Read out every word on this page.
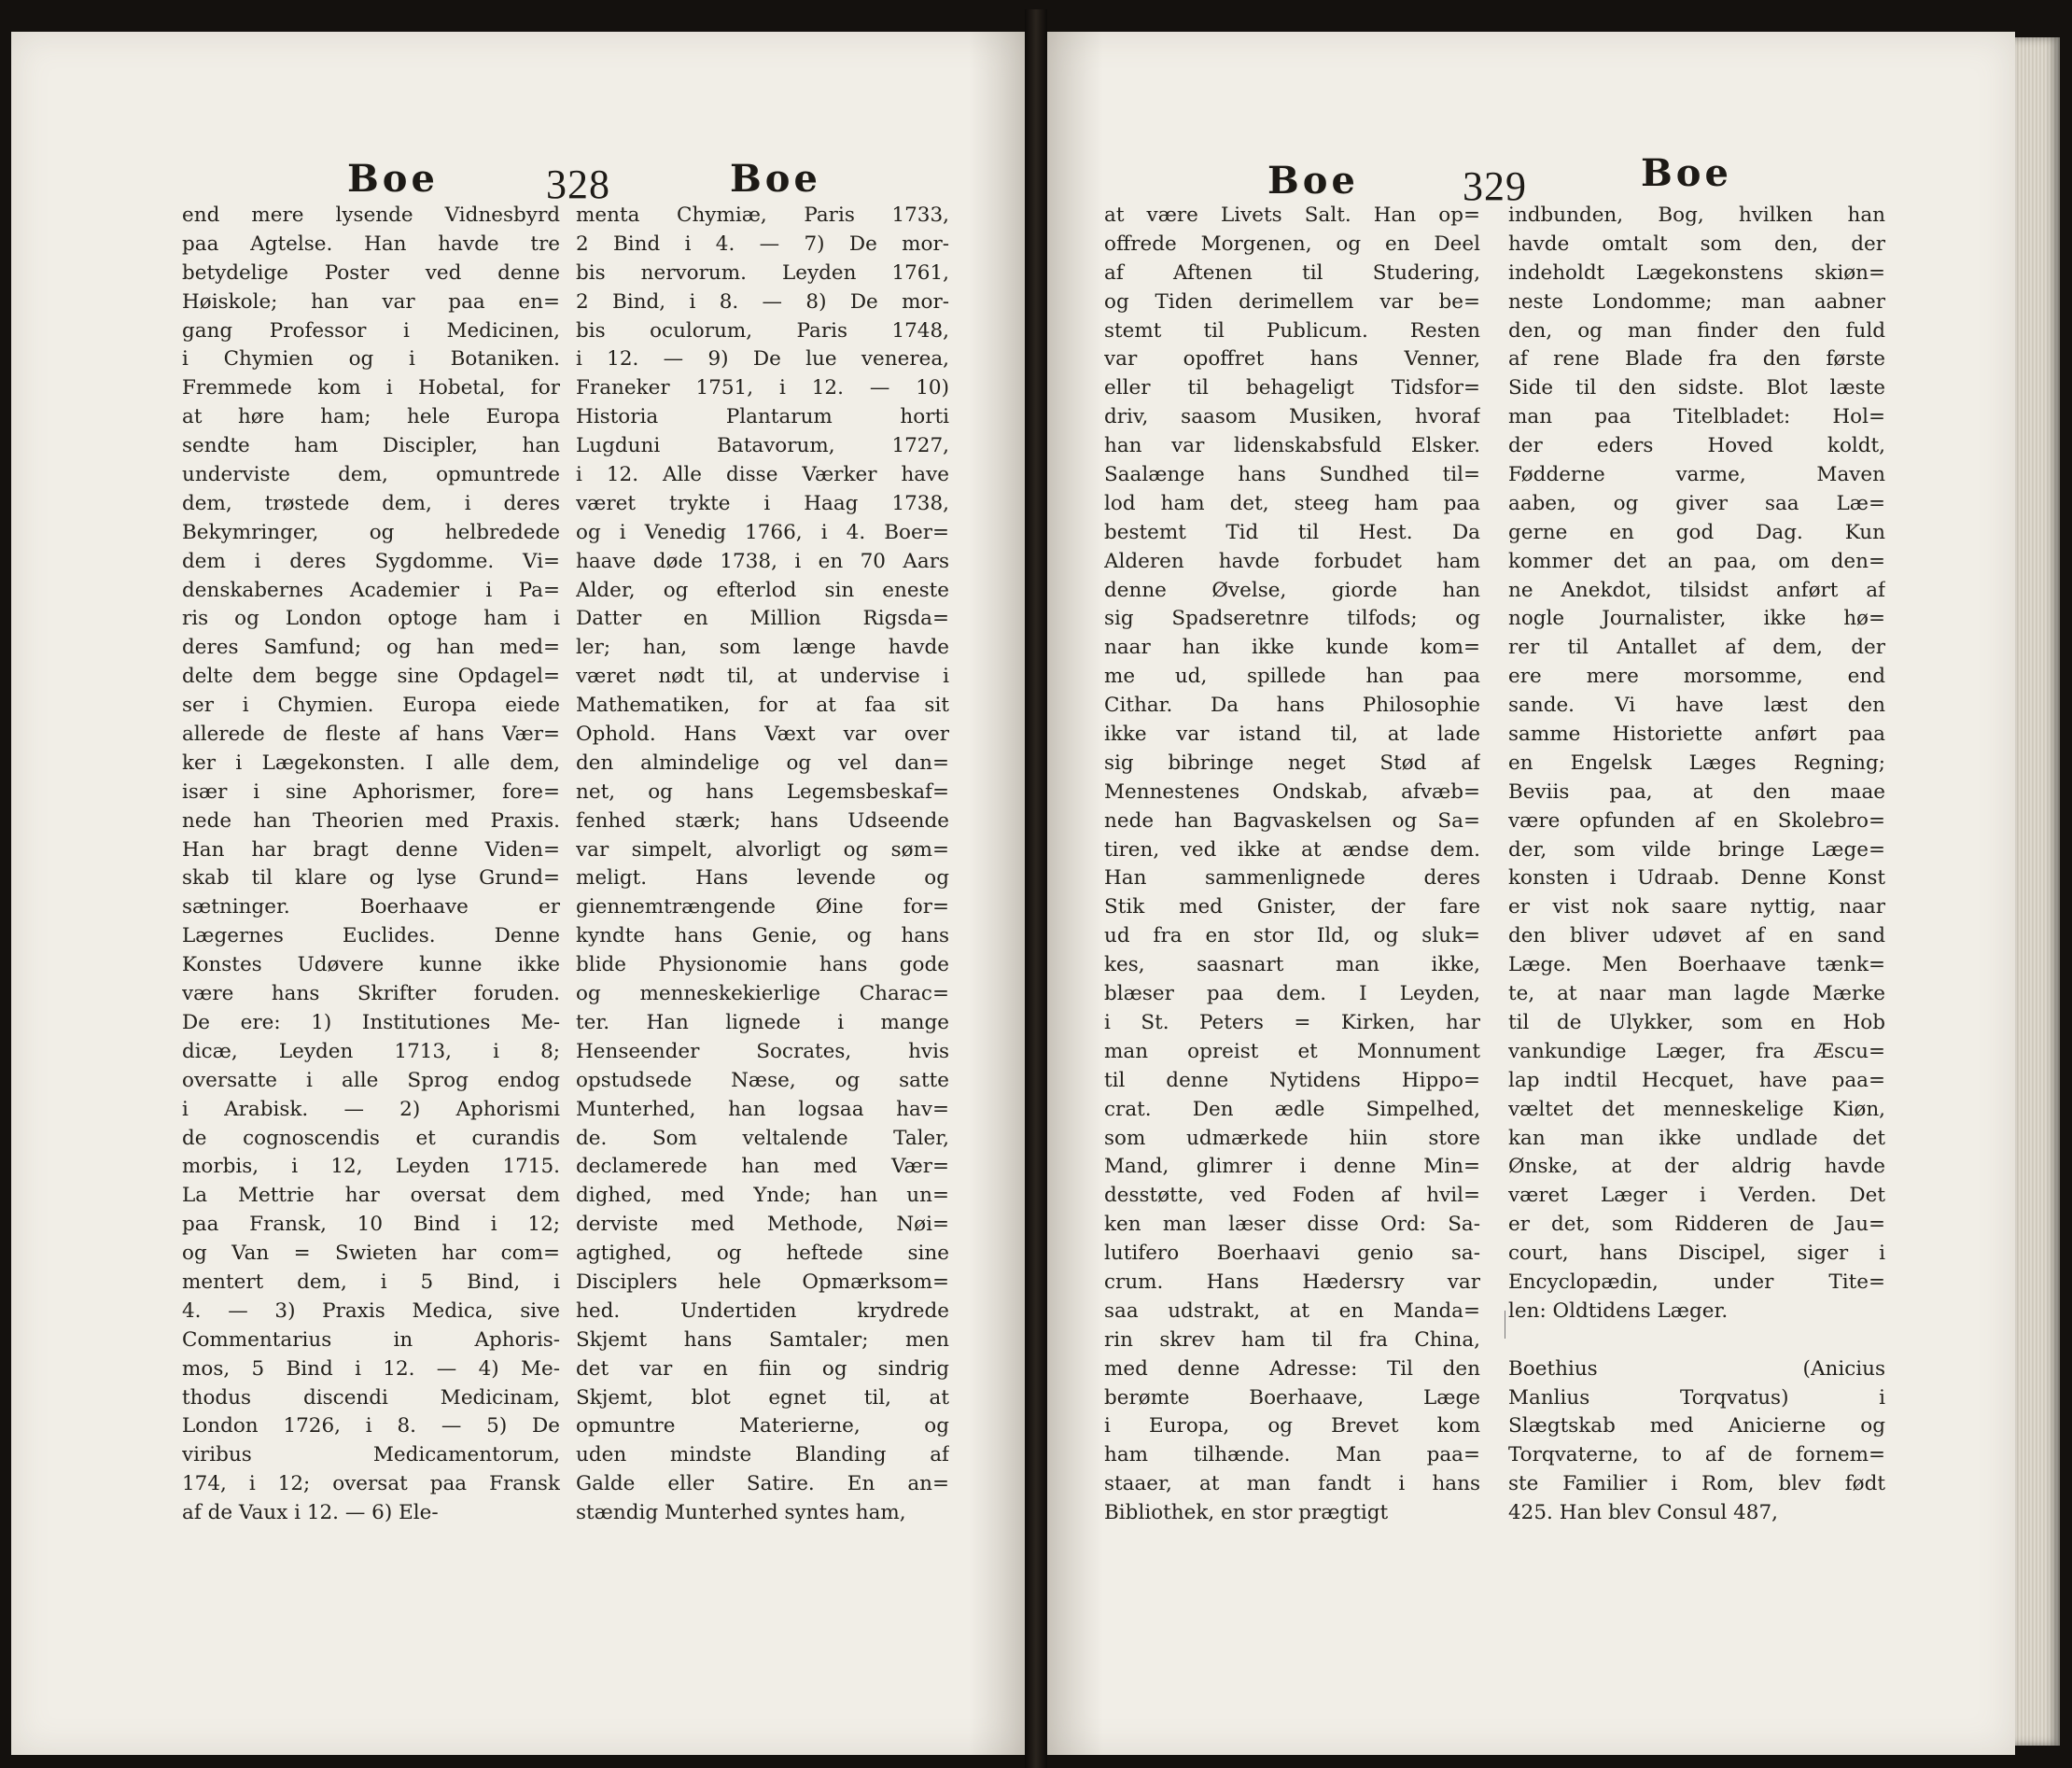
Boe	328	Boe	Boe	329	Boe
end mere lysende Vidnesbyrd
paa Agtelse. Han havde tre
betydelige Poster ved denne
Høiskole; han var paa en=
gang Professor i Medicinen,
i Chymien og i Botaniken.
Fremmede kom i Hobetal, for
at høre ham; hele Europa
sendte ham Discipler, han
underviste dem, opmuntrede
dem, trøstede dem, i deres
Bekymringer, og helbredede
dem i deres Sygdomme. Vi=
denskabernes Academier i Pa=
ris og London optoge ham i
deres Samfund; og han med=
delte dem begge sine Opdagel=
ser i Chymien. Europa eiede
allerede de fleste af hans Vær=
ker i Lægekonsten. I alle dem,
især i sine Aphorismer, fore=
nede han Theorien med Praxis.
Han har bragt denne Viden=
skab til klare og lyse Grund=
sætninger. Boerhaave er
Lægernes Euclides. Denne
Konstes Udøvere kunne ikke
være hans Skrifter foruden.
De ere: 1) Institutiones Me-
dicæ, Leyden 1713, i 8;
oversatte i alle Sprog endog
i Arabisk. — 2) Aphorismi
de cognoscendis et curandis
morbis, i 12, Leyden 1715.
La Mettrie har oversat dem
paa Fransk, 10 Bind i 12;
og Van = Swieten har com=
mentert dem, i 5 Bind, i
4. — 3) Praxis Medica, sive
Commentarius in Aphoris-
mos, 5 Bind i 12. — 4) Me-
thodus discendi Medicinam,
London 1726, i 8. — 5) De
viribus Medicamentorum,
174, i 12; oversat paa Fransk
af de Vaux i 12. — 6) Ele-
menta Chymiæ, Paris 1733,
2 Bind i 4. — 7) De mor-
bis nervorum. Leyden 1761,
2 Bind, i 8. — 8) De mor-
bis oculorum, Paris 1748,
i 12. — 9) De lue venerea,
Franeker 1751, i 12. — 10)
Historia Plantarum horti
Lugduni Batavorum, 1727,
i 12. Alle disse Værker have
været trykte i Haag 1738,
og i Venedig 1766, i 4. Boer=
haave døde 1738, i en 70 Aars
Alder, og efterlod sin eneste
Datter en Million Rigsda=
ler; han, som længe havde
været nødt til, at undervise i
Mathematiken, for at faa sit
Ophold. Hans Væxt var over
den almindelige og vel dan=
net, og hans Legemsbeskaf=
fenhed stærk; hans Udseende
var simpelt, alvorligt og søm=
meligt. Hans levende og
giennemtrængende Øine for=
kyndte hans Genie, og hans
blide Physionomie hans gode
og menneskekierlige Charac=
ter. Han lignede i mange
Henseender Socrates, hvis
opstudsede Næse, og satte
Munterhed, han logsaa hav=
de. Som veltalende Taler,
declamerede han med Vær=
dighed, med Ynde; han un=
derviste med Methode, Nøi=
agtighed, og heftede sine
Disciplers hele Opmærksom=
hed. Undertiden krydrede
Skjemt hans Samtaler; men
det var en fiin og sindrig
Skjemt, blot egnet til, at
opmuntre Materierne, og
uden mindste Blanding af
Galde eller Satire. En an=
stændig Munterhed syntes ham,
at være Livets Salt. Han op=
offrede Morgenen, og en Deel
af Aftenen til Studering,
og Tiden derimellem var be=
stemt til Publicum. Resten
var opoffret hans Venner,
eller til behageligt Tidsfor=
driv, saasom Musiken, hvoraf
han var lidenskabsfuld Elsker.
Saalænge hans Sundhed til=
lod ham det, steeg ham paa
bestemt Tid til Hest. Da
Alderen havde forbudet ham
denne Øvelse, giorde han
sig Spadseretnre tilfods; og
naar han ikke kunde kom=
me ud, spillede han paa
Cithar. Da hans Philosophie
ikke var istand til, at lade
sig bibringe neget Stød af
Mennestenes Ondskab, afvæb=
nede han Bagvaskelsen og Sa=
tiren, ved ikke at ændse dem.
Han sammenlignede deres
Stik med Gnister, der fare
ud fra en stor Ild, og sluk=
kes, saasnart man ikke,
blæser paa dem. I Leyden,
i St. Peters = Kirken, har
man opreist et Monnument
til denne Nytidens Hippo=
crat. Den ædle Simpelhed,
som udmærkede hiin store
Mand, glimrer i denne Min=
desstøtte, ved Foden af hvil=
ken man læser disse Ord: Sa-
lutifero Boerhaavi genio sa-
crum. Hans Hædersry var
saa udstrakt, at en Manda=
rin skrev ham til fra China,
med denne Adresse: Til den
berømte Boerhaave, Læge
i Europa, og Brevet kom
ham tilhænde. Man paa=
staaer, at man fandt i hans
Bibliothek, en stor prægtigt
indbunden, Bog, hvilken han
havde omtalt som den, der
indeholdt Lægekonstens skiøn=
neste Londomme; man aabner
den, og man finder den fuld
af rene Blade fra den første
Side til den sidste. Blot læste
man paa Titelbladet: Hol=
der eders Hoved koldt,
Fødderne varme, Maven
aaben, og giver saa Læ=
gerne en god Dag. Kun
kommer det an paa, om den=
ne Anekdot, tilsidst anført af
nogle Journalister, ikke hø=
rer til Antallet af dem, der
ere mere morsomme, end
sande. Vi have læst den
samme Historiette anført paa
en Engelsk Læges Regning;
Beviis paa, at den maae
være opfunden af en Skolebro=
der, som vilde bringe Læge=
konsten i Udraab. Denne Konst
er vist nok saare nyttig, naar
den bliver udøvet af en sand
Læge. Men Boerhaave tænk=
te, at naar man lagde Mærke
til de Ulykker, som en Hob
vankundige Læger, fra Æscu=
lap indtil Hecquet, have paa=
væltet det menneskelige Kiøn,
kan man ikke undlade det
Ønske, at der aldrig havde
været Læger i Verden. Det
er det, som Ridderen de Jau=
court, hans Discipel, siger i
Encyclopædin, under Tite=
len: Oldtidens Læger.
Boethius (Anicius
Manlius Torqvatus) i
Slægtskab med Anicierne og
Torqvaterne, to af de fornem=
ste Familier i Rom, blev født
425. Han blev Consul 487,
